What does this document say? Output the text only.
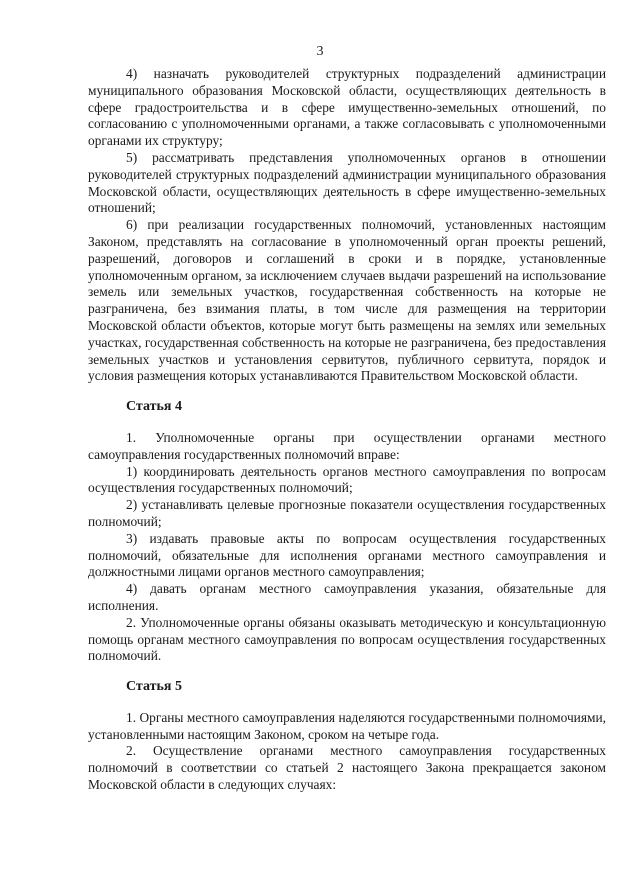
3

4) назначать руководителей структурных подразделений администрации муниципального образования Московской области, осуществляющих деятельность в сфере градостроительства и в сфере имущественно-земельных отношений, по согласованию с уполномоченными органами, а также согласовывать с уполномоченными органами их структуру;

5) рассматривать представления уполномоченных органов в отношении руководителей структурных подразделений администрации муниципального образования Московской области, осуществляющих деятельность в сфере имущественно-земельных отношений;

6) при реализации государственных полномочий, установленных настоящим Законом, представлять на согласование в уполномоченный орган проекты решений, разрешений, договоров и соглашений в сроки и в порядке, установленные уполномоченным органом, за исключением случаев выдачи разрешений на использование земель или земельных участков, государственная собственность на которые не разграничена, без взимания платы, в том числе для размещения на территории Московской области объектов, которые могут быть размещены на землях или земельных участках, государственная собственность на которые не разграничена, без предоставления земельных участков и установления сервитутов, публичного сервитута, порядок и условия размещения которых устанавливаются Правительством Московской области.

Статья 4

1. Уполномоченные органы при осуществлении органами местного самоуправления государственных полномочий вправе:

1) координировать деятельность органов местного самоуправления по вопросам осуществления государственных полномочий;

2) устанавливать целевые прогнозные показатели осуществления государственных полномочий;

3) издавать правовые акты по вопросам осуществления государственных полномочий, обязательные для исполнения органами местного самоуправления и должностными лицами органов местного самоуправления;

4) давать органам местного самоуправления указания, обязательные для исполнения.

2. Уполномоченные органы обязаны оказывать методическую и консультационную помощь органам местного самоуправления по вопросам осуществления государственных полномочий.

Статья 5

1. Органы местного самоуправления наделяются государственными полномочиями, установленными настоящим Законом, сроком на четыре года.

2. Осуществление органами местного самоуправления государственных полномочий в соответствии со статьей 2 настоящего Закона прекращается законом Московской области в следующих случаях:
